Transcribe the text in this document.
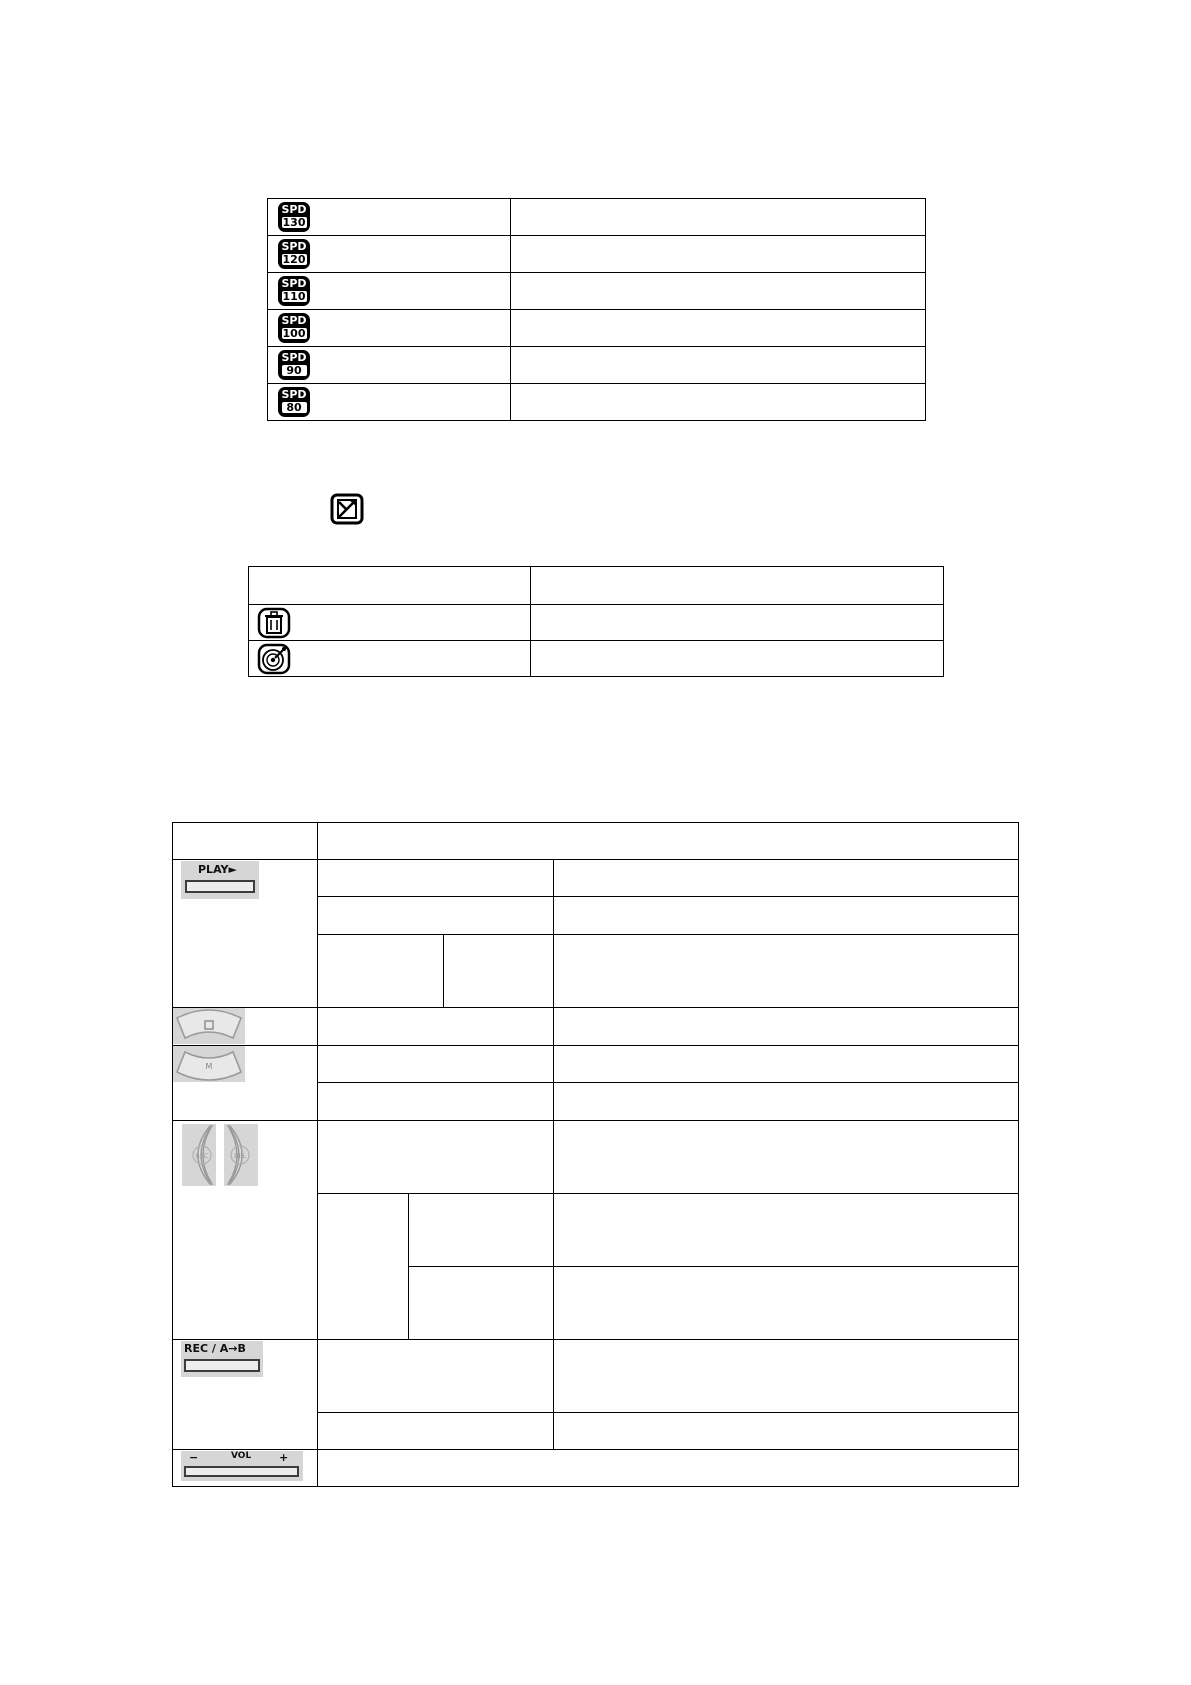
SPD
130	

SPD
120	

SPD
110	

SPD
100	

SPD
90	

SPD
80	

PLAY►				

M				

REC DEL				

REC / A→B				

− VOL +				
